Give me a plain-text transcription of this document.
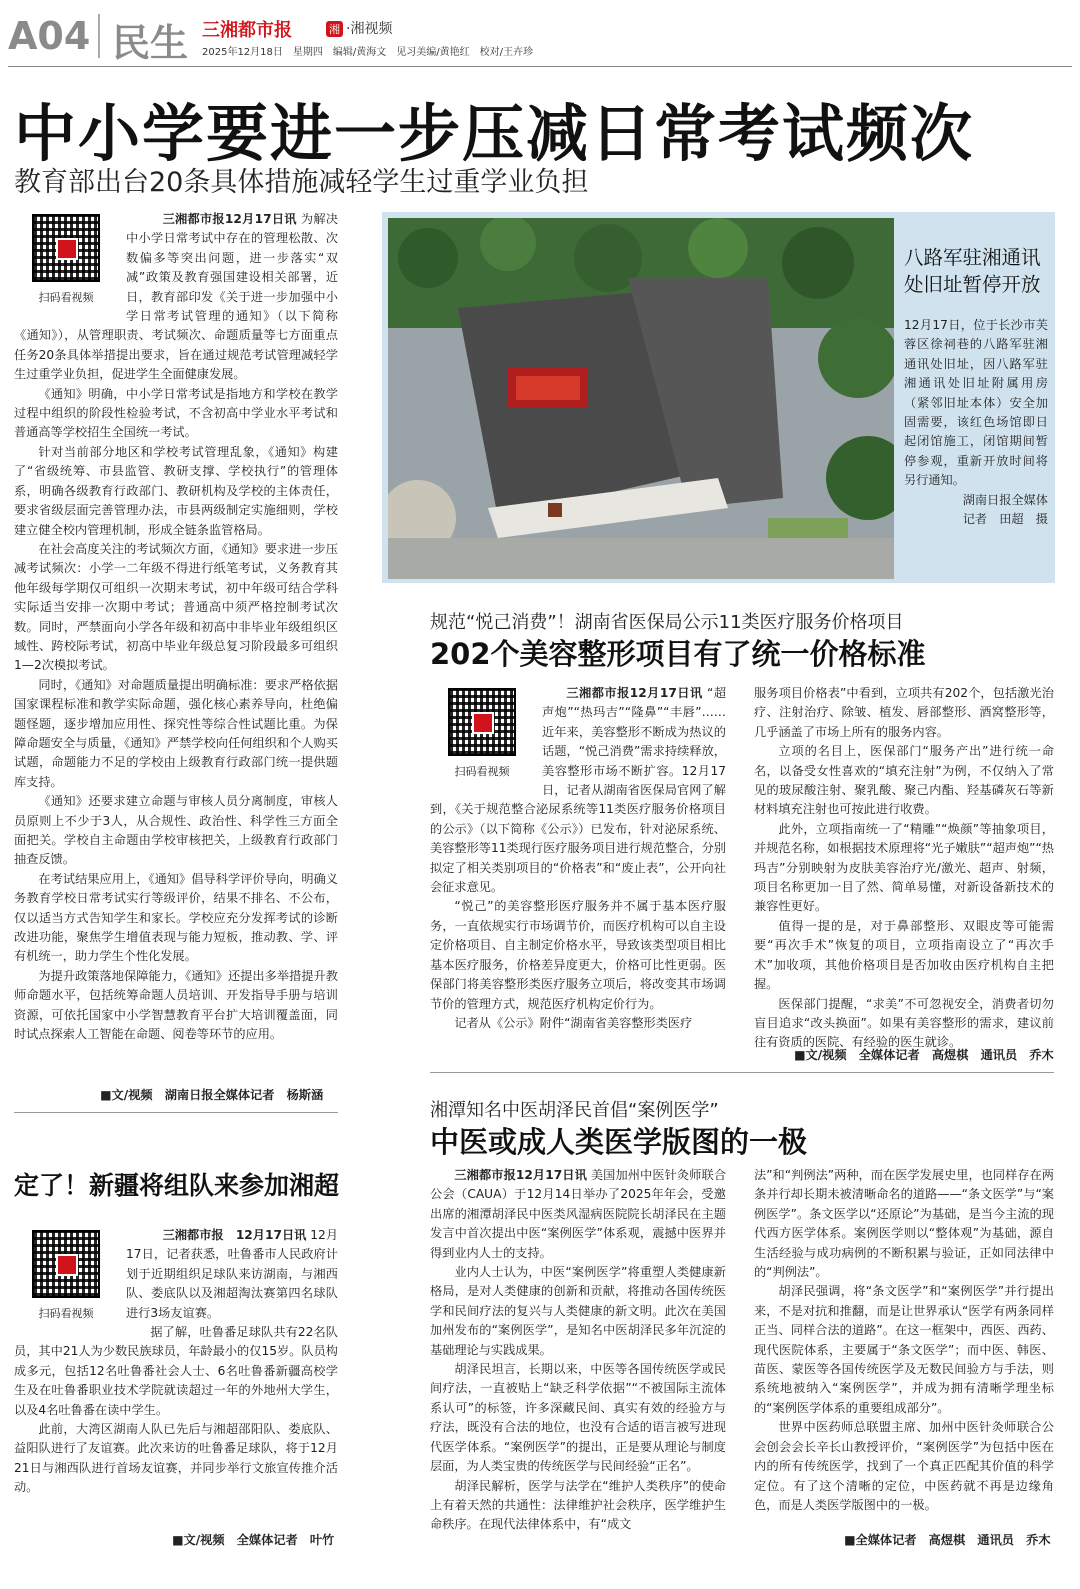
A04 民生 三湘都市报	湘 ·湘视频
2025年12月18日　星期四　编辑/黄海文　见习美编/黄艳红　校对/王卉珍
中小学要进一步压减日常考试频次
教育部出台20条具体措施减轻学生过重学业负担
扫码看视频

三湘都市报12月17日讯 为解决中小学日常考试中存在的管理松散、次数偏多等突出问题，进一步落实“双减”政策及教育强国建设相关部署，近日，教育部印发《关于进一步加强中小学日常考试管理的通知》（以下简称《通知》），从管理职责、考试频次、命题质量等七方面重点任务20条具体举措提出要求，旨在通过规范考试管理减轻学生过重学业负担，促进学生全面健康发展。

《通知》明确，中小学日常考试是指地方和学校在教学过程中组织的阶段性检验考试，不含初高中学业水平考试和普通高等学校招生全国统一考试。

针对当前部分地区和学校考试管理乱象，《通知》构建了“省级统筹、市县监管、教研支撑、学校执行”的管理体系，明确各级教育行政部门、教研机构及学校的主体责任，要求省级层面完善管理办法，市县两级制定实施细则，学校建立健全校内管理机制，形成全链条监管格局。

在社会高度关注的考试频次方面，《通知》要求进一步压减考试频次：小学一二年级不得进行纸笔考试，义务教育其他年级每学期仅可组织一次期末考试，初中年级可结合学科实际适当安排一次期中考试；普通高中须严格控制考试次数。同时，严禁面向小学各年级和初高中非毕业年级组织区域性、跨校际考试，初高中毕业年级总复习阶段最多可组织1—2次模拟考试。

同时，《通知》对命题质量提出明确标准：要求严格依据国家课程标准和教学实际命题，强化核心素养导向，杜绝偏题怪题，逐步增加应用性、探究性等综合性试题比重。为保障命题安全与质量，《通知》严禁学校向任何组织和个人购买试题，命题能力不足的学校由上级教育行政部门统一提供题库支持。

《通知》还要求建立命题与审核人员分离制度，审核人员原则上不少于3人，从合规性、政治性、科学性三方面全面把关。学校自主命题由学校审核把关，上级教育行政部门抽查反馈。

在考试结果应用上，《通知》倡导科学评价导向，明确义务教育学校日常考试实行等级评价，结果不排名、不公布，仅以适当方式告知学生和家长。学校应充分发挥考试的诊断改进功能，聚焦学生增值表现与能力短板，推动教、学、评有机统一，助力学生个性化发展。

为提升政策落地保障能力，《通知》还提出多举措提升教师命题水平，包括统筹命题人员培训、开发指导手册与培训资源，可依托国家中小学智慧教育平台扩大培训覆盖面，同时试点探索人工智能在命题、阅卷等环节的应用。

■文/视频　湖南日报全媒体记者　杨斯涵
八路军驻湘通讯处旧址暂停开放
12月17日，位于长沙市芙蓉区徐祠巷的八路军驻湘通讯处旧址，因八路军驻湘通讯处旧址附属用房（紧邻旧址本体）安全加固需要，该红色场馆即日起闭馆施工，闭馆期间暂停参观，重新开放时间将另行通知。
湖南日报全媒体
记者　田超　摄
规范“悦己消费”！湖南省医保局公示11类医疗服务价格项目
202个美容整形项目有了统一价格标准
扫码看视频

三湘都市报12月17日讯 “超声炮”“热玛吉”“隆鼻”“丰唇”……近年来，美容整形不断成为热议的话题，“悦己消费”需求持续释放，美容整形市场不断扩容。12月17日，记者从湖南省医保局官网了解到，《关于规范整合泌尿系统等11类医疗服务价格项目的公示》（以下简称《公示》）已发布，针对泌尿系统、美容整形等11类现行医疗服务项目进行规范整合，分别拟定了相关类别项目的“价格表”和“废止表”，公开向社会征求意见。

“悦己”的美容整形医疗服务并不属于基本医疗服务，一直依规实行市场调节价，而医疗机构可以自主设定价格项目、自主制定价格水平，导致该类型项目相比基本医疗服务，价格差异度更大，价格可比性更弱。医保部门将美容整形类医疗服务立项后，将改变其市场调节价的管理方式，规范医疗机构定价行为。

记者从《公示》附件“湖南省美容整形类医疗

服务项目价格表”中看到，立项共有202个，包括激光治疗、注射治疗、除皱、植发、唇部整形、酒窝整形等，几乎涵盖了市场上所有的服务内容。

立项的名目上，医保部门“服务产出”进行统一命名，以备受女性喜欢的“填充注射”为例，不仅纳入了常见的玻尿酸注射、聚乳酸、聚己内酯、羟基磷灰石等新材料填充注射也可按此进行收费。

此外，立项指南统一了“精雕”“焕颜”等抽象项目，并规范名称，如根据技术原理将“光子嫩肤”“超声炮”“热玛吉”分别映射为皮肤美容治疗光/激光、超声、射频，项目名称更加一目了然、简单易懂，对新设备新技术的兼容性更好。

值得一提的是，对于鼻部整形、双眼皮等可能需要“再次手术”恢复的项目，立项指南设立了“再次手术”加收项，其他价格项目是否加收由医疗机构自主把握。

医保部门提醒，“求美”不可忽视安全，消费者切勿盲目追求“改头换面”。如果有美容整形的需求，建议前往有资质的医院、有经验的医生就诊。

■文/视频　全媒体记者　高煜棋　通讯员　乔木
定了！新疆将组队来参加湘超
扫码看视频

三湘都市报　12月17日讯 12月17日，记者获悉，吐鲁番市人民政府计划于近期组织足球队来访湖南，与湘西队、娄底队以及湘超淘汰赛第四名球队进行3场友谊赛。

据了解，吐鲁番足球队共有22名队员，其中21人为少数民族球员，年龄最小的仅15岁。队员构成多元，包括12名吐鲁番社会人士、6名吐鲁番新疆高校学生及在吐鲁番职业技术学院就读超过一年的外地州大学生，以及4名吐鲁番在读中学生。

此前，大湾区湖南人队已先后与湘超邵阳队、娄底队、益阳队进行了友谊赛。此次来访的吐鲁番足球队，将于12月21日与湘西队进行首场友谊赛，并同步举行文旅宣传推介活动。

■文/视频　全媒体记者　叶竹
湘潭知名中医胡泽民首倡“案例医学”
中医或成人类医学版图的一极

三湘都市报12月17日讯 美国加州中医针灸师联合公会（CAUA）于12月14日举办了2025年年会，受邀出席的湘潭胡泽民中医类风湿病医院院长胡泽民在主题发言中首次提出中医“案例医学”体系观，震撼中医界并得到业内人士的支持。

业内人士认为，中医“案例医学”将重塑人类健康新格局，是对人类健康的创新和贡献，将推动各国传统医学和民间疗法的复兴与人类健康的新文明。此次在美国加州发布的“案例医学”，是知名中医胡泽民多年沉淀的基础理论与实践成果。

胡泽民坦言，长期以来，中医等各国传统医学或民间疗法，一直被贴上“缺乏科学依据”“不被国际主流体系认可”的标签，许多深藏民间、真实有效的经验方与疗法，既没有合法的地位，也没有合适的语言被写进现代医学体系。“案例医学”的提出，正是要从理论与制度层面，为人类宝贵的传统医学与民间经验“正名”。

胡泽民解析，医学与法学在“维护人类秩序”的使命上有着天然的共通性：法律维护社会秩序，医学维护生命秩序。在现代法律体系中，有“成文

法”和“判例法”两种，而在医学发展史里，也同样存在两条并行却长期未被清晰命名的道路——“条文医学”与“案例医学”。条文医学以“还原论”为基础，是当今主流的现代西方医学体系。案例医学则以“整体观”为基础，源自生活经验与成功病例的不断积累与验证，正如同法律中的“判例法”。

胡泽民强调，将“条文医学”和“案例医学”并行提出来，不是对抗和推翻，而是让世界承认“医学有两条同样正当、同样合法的道路”。在这一框架中，西医、西药、现代医院体系，主要属于“条文医学”；而中医、韩医、苗医、蒙医等各国传统医学及无数民间验方与手法，则系统地被纳入“案例医学”，并成为拥有清晰学理坐标的“案例医学体系的重要组成部分”。

世界中医药师总联盟主席、加州中医针灸师联合公会创会会长辛长山教授评价，“案例医学”为包括中医在内的所有传统医学，找到了一个真正匹配其价值的科学定位。有了这个清晰的定位，中医药就不再是边缘角色，而是人类医学版图中的一极。

■全媒体记者　高煜棋　通讯员　乔木
